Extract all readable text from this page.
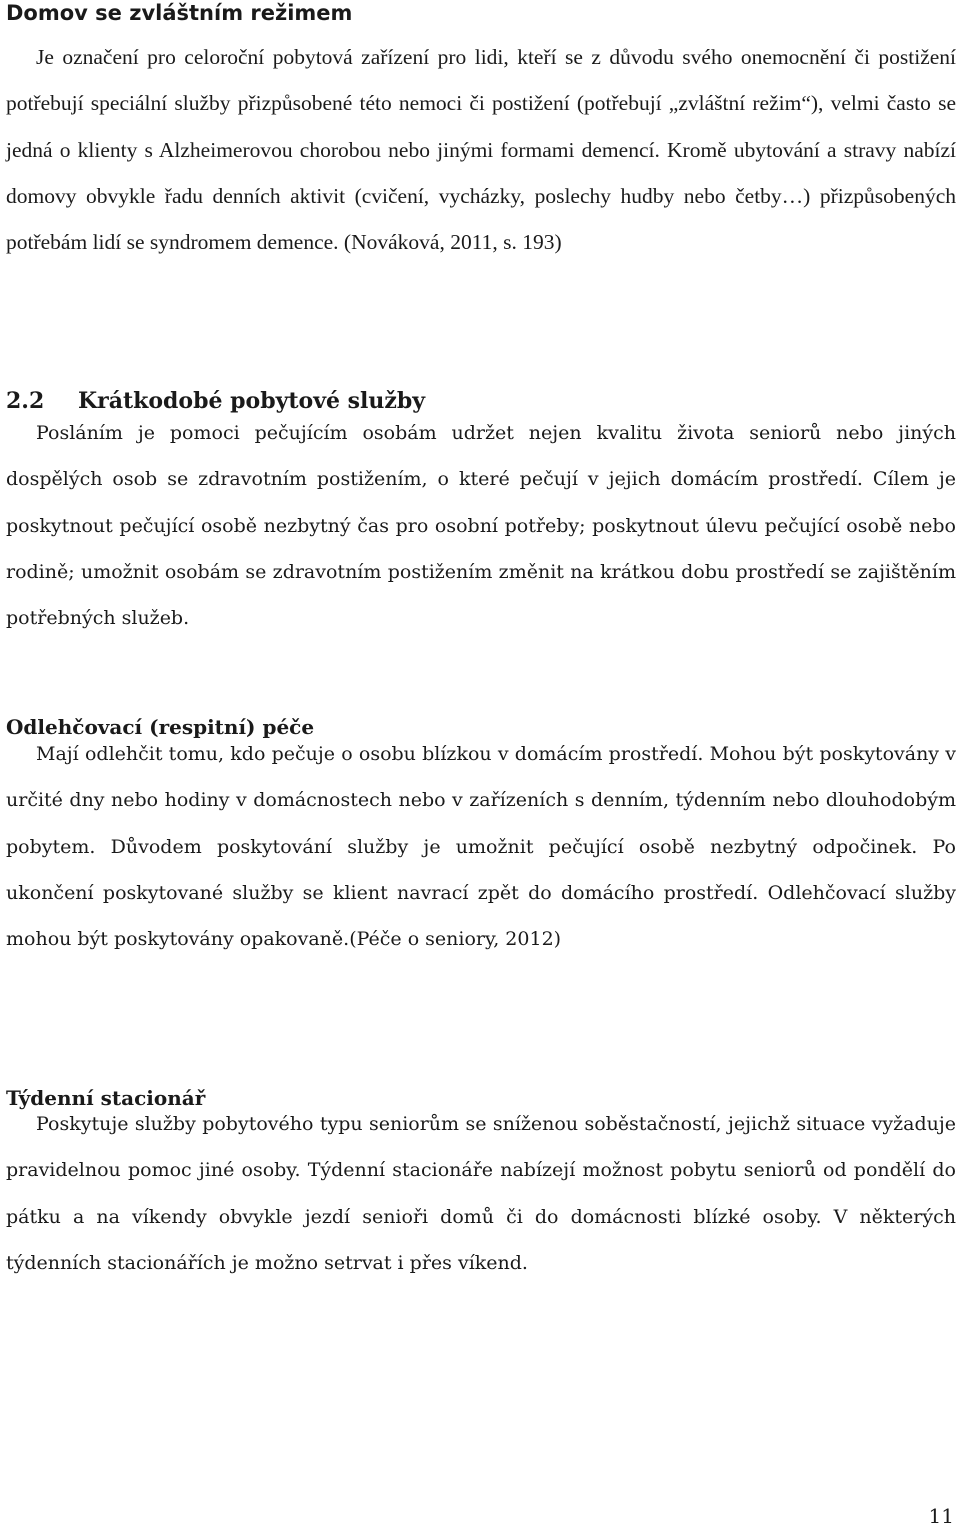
Domov se zvláštním režimem

Je označení pro celoroční pobytová zařízení pro lidi, kteří se z důvodu svého onemocnění či postižení potřebují speciální služby přizpůsobené této nemoci či postižení (potřebují „zvláštní režim“), velmi často se jedná o klienty s Alzheimerovou chorobou nebo jinými formami demencí. Kromě ubytování a stravy nabízí domovy obvykle řadu denních aktivit (cvičení, vycházky, poslechy hudby nebo četby…) přizpůsobených potřebám lidí se syndromem demence. (Nováková, 2011, s. 193)

2.2 Krátkodobé pobytové služby

Posláním je pomoci pečujícím osobám udržet nejen kvalitu života seniorů nebo jiných dospělých osob se zdravotním postižením, o které pečují v jejich domácím prostředí. Cílem je poskytnout pečující osobě nezbytný čas pro osobní potřeby; poskytnout úlevu pečující osobě nebo rodině; umožnit osobám se zdravotním postižením změnit na krátkou dobu prostředí se zajištěním potřebných služeb.

Odlehčovací (respitní) péče

Mají odlehčit tomu, kdo pečuje o osobu blízkou v domácím prostředí. Mohou být poskytovány v určité dny nebo hodiny v domácnostech nebo v zařízeních s denním, týdenním nebo dlouhodobým pobytem. Důvodem poskytování služby je umožnit pečující osobě nezbytný odpočinek. Po ukončení poskytované služby se klient navrací zpět do domácího prostředí. Odlehčovací služby mohou být poskytovány opakovaně.(Péče o seniory, 2012)

Týdenní stacionář

Poskytuje služby pobytového typu seniorům se sníženou soběstačností, jejichž situace vyžaduje pravidelnou pomoc jiné osoby. Týdenní stacionáře nabízejí možnost pobytu seniorů od pondělí do pátku a na víkendy obvykle jezdí senioři domů či do domácnosti blízké osoby. V některých týdenních stacionářích je možno setrvat i přes víkend.

11
